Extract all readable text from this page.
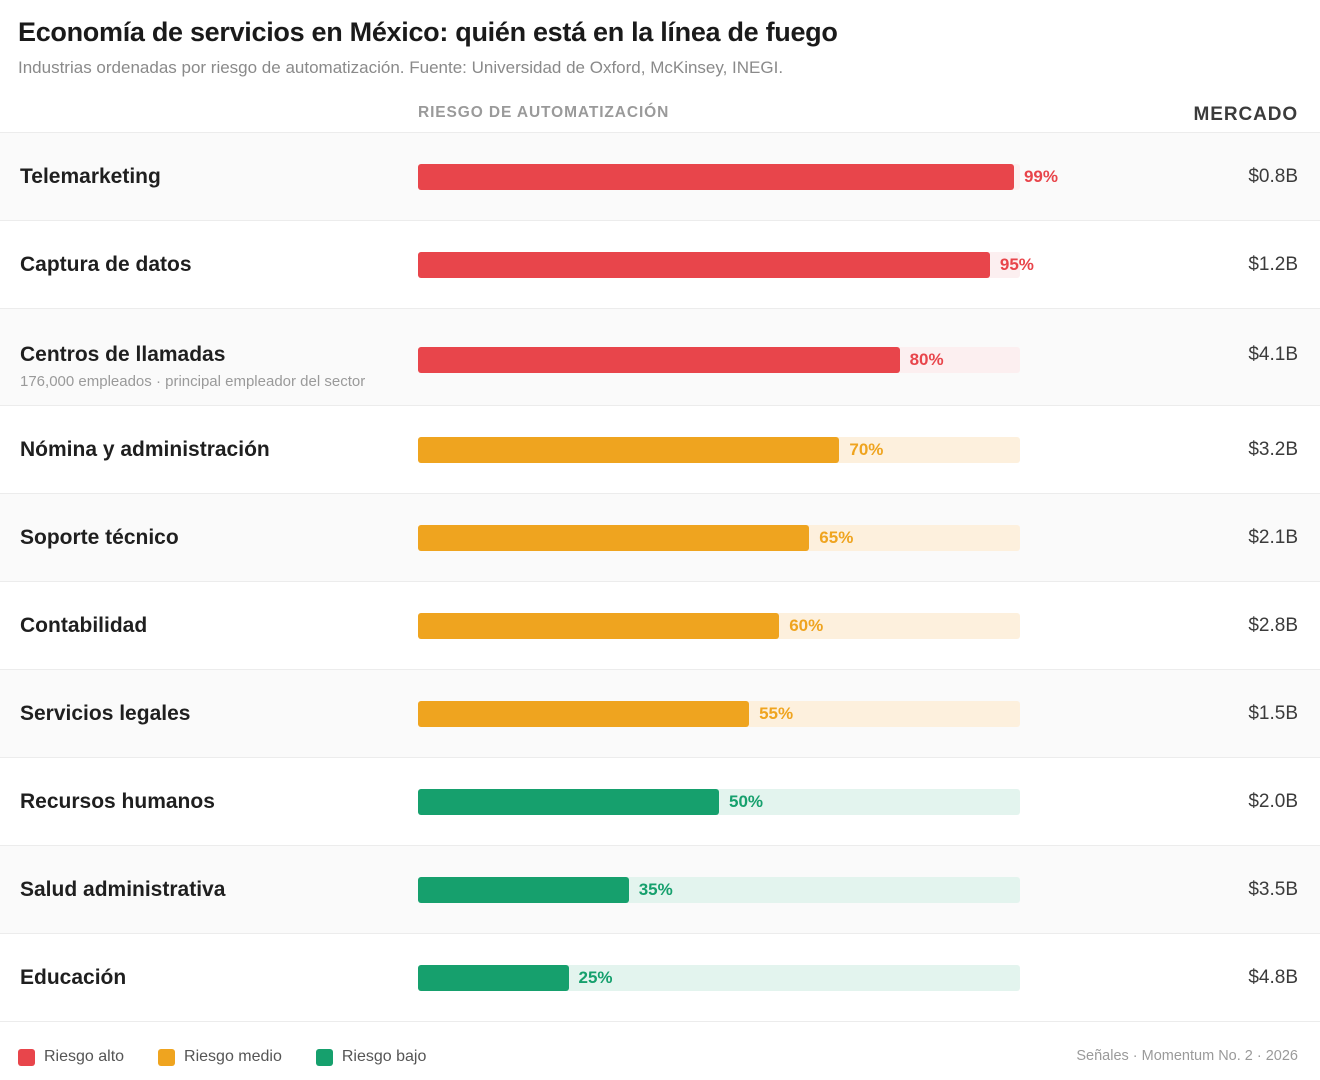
Economía de servicios en México: quién está en la línea de fuego

Industrias ordenadas por riesgo de automatización. Fuente: Universidad de Oxford, McKinsey, INEGI.

RIESGO DE AUTOMATIZACIÓN	MERCADO
Telemarketing	99%	$0.8B
Captura de datos	95%	$1.2B
Centros de llamadas
176,000 empleados · principal empleador del sector
80%	$4.1B
Nómina y administración	70%	$3.2B
Soporte técnico	65%	$2.1B
Contabilidad	60%	$2.8B
Servicios legales	55%	$1.5B
Recursos humanos	50%	$2.0B
Salud administrativa	35%	$3.5B
Educación	25%	$4.8B
Riesgo alto	Riesgo medio	Riesgo bajo	Señales · Momentum No. 2 · 2026
